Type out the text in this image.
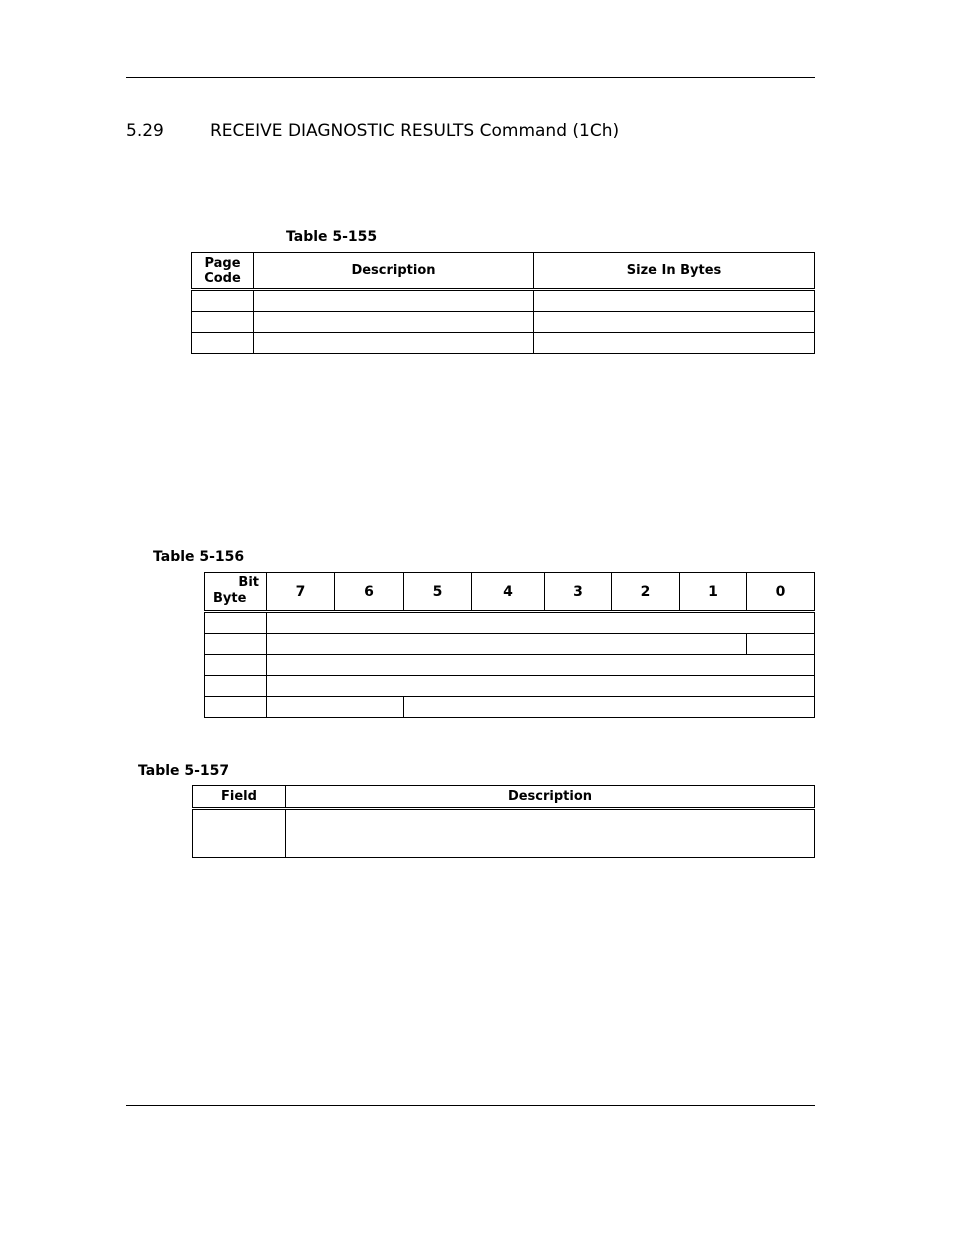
5.29	RECEIVE DIAGNOSTIC RESULTS Command (1Ch)
Table 5-155
Page
Code	Description	Size In Bytes

Table 5-156
Bit
Byte	7	6	5	4	3	2	1	0

Table 5-157
Field	Description
